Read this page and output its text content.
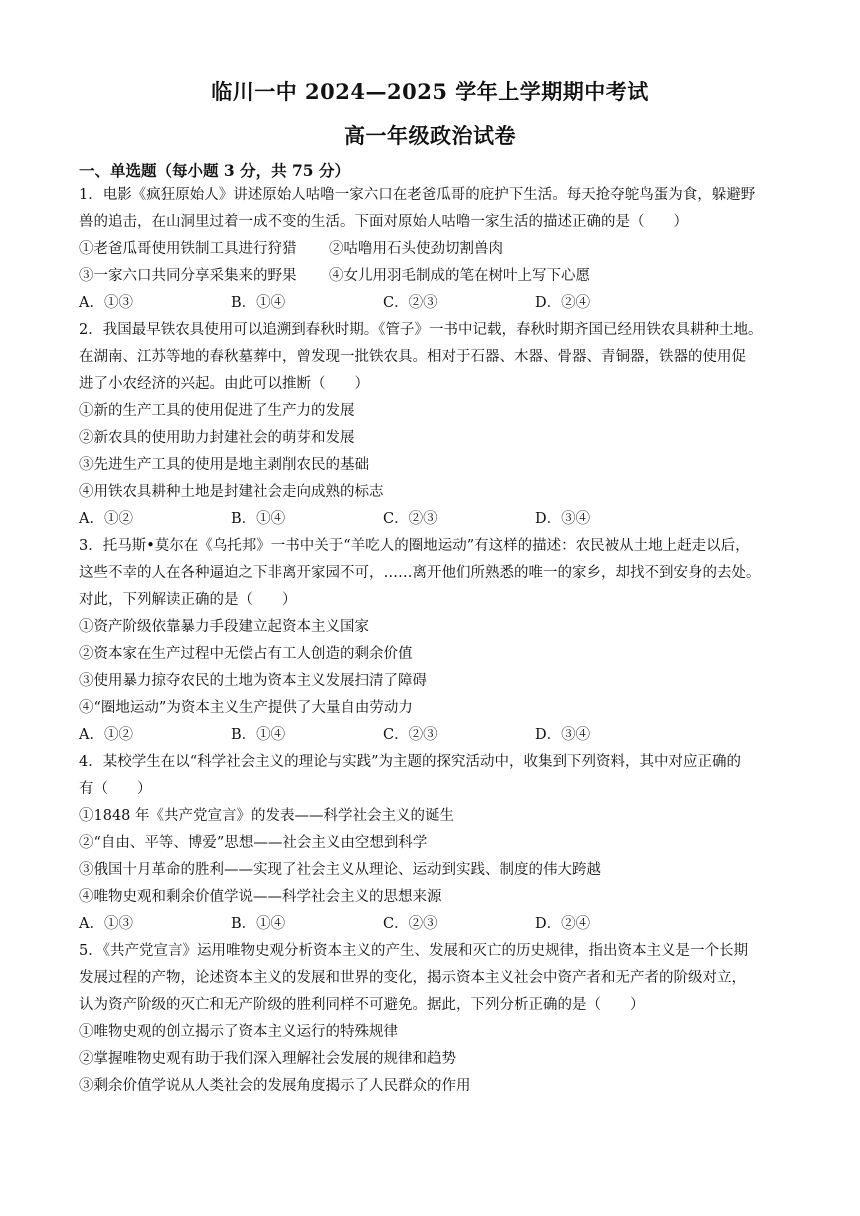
临川一中 2024—2025 学年上学期期中考试
高一年级政治试卷
一、单选题（每小题 3 分，共 75 分）
1．电影《疯狂原始人》讲述原始人咕噜一家六口在老爸瓜哥的庇护下生活。每天抢夺鸵鸟蛋为食，躲避野
兽的追击，在山洞里过着一成不变的生活。下面对原始人咕噜一家生活的描述正确的是（　　）
①老爸瓜哥使用铁制工具进行狩猎	②咕噜用石头使劲切割兽肉
③一家六口共同分享采集来的野果	④女儿用羽毛制成的笔在树叶上写下心愿
A．①③	B．①④	C．②③	D．②④
2．我国最早铁农具使用可以追溯到春秋时期。《管子》一书中记载，春秋时期齐国已经用铁农具耕种土地。
在湖南、江苏等地的春秋墓葬中，曾发现一批铁农具。相对于石器、木器、骨器、青铜器，铁器的使用促
进了小农经济的兴起。由此可以推断（　　）
①新的生产工具的使用促进了生产力的发展
②新农具的使用助力封建社会的萌芽和发展
③先进生产工具的使用是地主剥削农民的基础
④用铁农具耕种土地是封建社会走向成熟的标志
A．①②	B．①④	C．②③	D．③④
3．托马斯•莫尔在《乌托邦》一书中关于“羊吃人的圈地运动”有这样的描述：农民被从土地上赶走以后，
这些不幸的人在各种逼迫之下非离开家园不可，……离开他们所熟悉的唯一的家乡，却找不到安身的去处。
对此，下列解读正确的是（　　）
①资产阶级依靠暴力手段建立起资本主义国家
②资本家在生产过程中无偿占有工人创造的剩余价值
③使用暴力掠夺农民的土地为资本主义发展扫清了障碍
④“圈地运动”为资本主义生产提供了大量自由劳动力
A．①②	B．①④	C．②③	D．③④
4．某校学生在以“科学社会主义的理论与实践”为主题的探究活动中，收集到下列资料，其中对应正确的
有（　　）
①1848 年《共产党宣言》的发表——科学社会主义的诞生
②“自由、平等、博爱”思想——社会主义由空想到科学
③俄国十月革命的胜利——实现了社会主义从理论、运动到实践、制度的伟大跨越
④唯物史观和剩余价值学说——科学社会主义的思想来源
A．①③	B．①④	C．②③	D．②④
5．《共产党宣言》运用唯物史观分析资本主义的产生、发展和灭亡的历史规律，指出资本主义是一个长期
发展过程的产物，论述资本主义的发展和世界的变化，揭示资本主义社会中资产者和无产者的阶级对立，
认为资产阶级的灭亡和无产阶级的胜利同样不可避免。据此，下列分析正确的是（　　）
①唯物史观的创立揭示了资本主义运行的特殊规律
②掌握唯物史观有助于我们深入理解社会发展的规律和趋势
③剩余价值学说从人类社会的发展角度揭示了人民群众的作用
